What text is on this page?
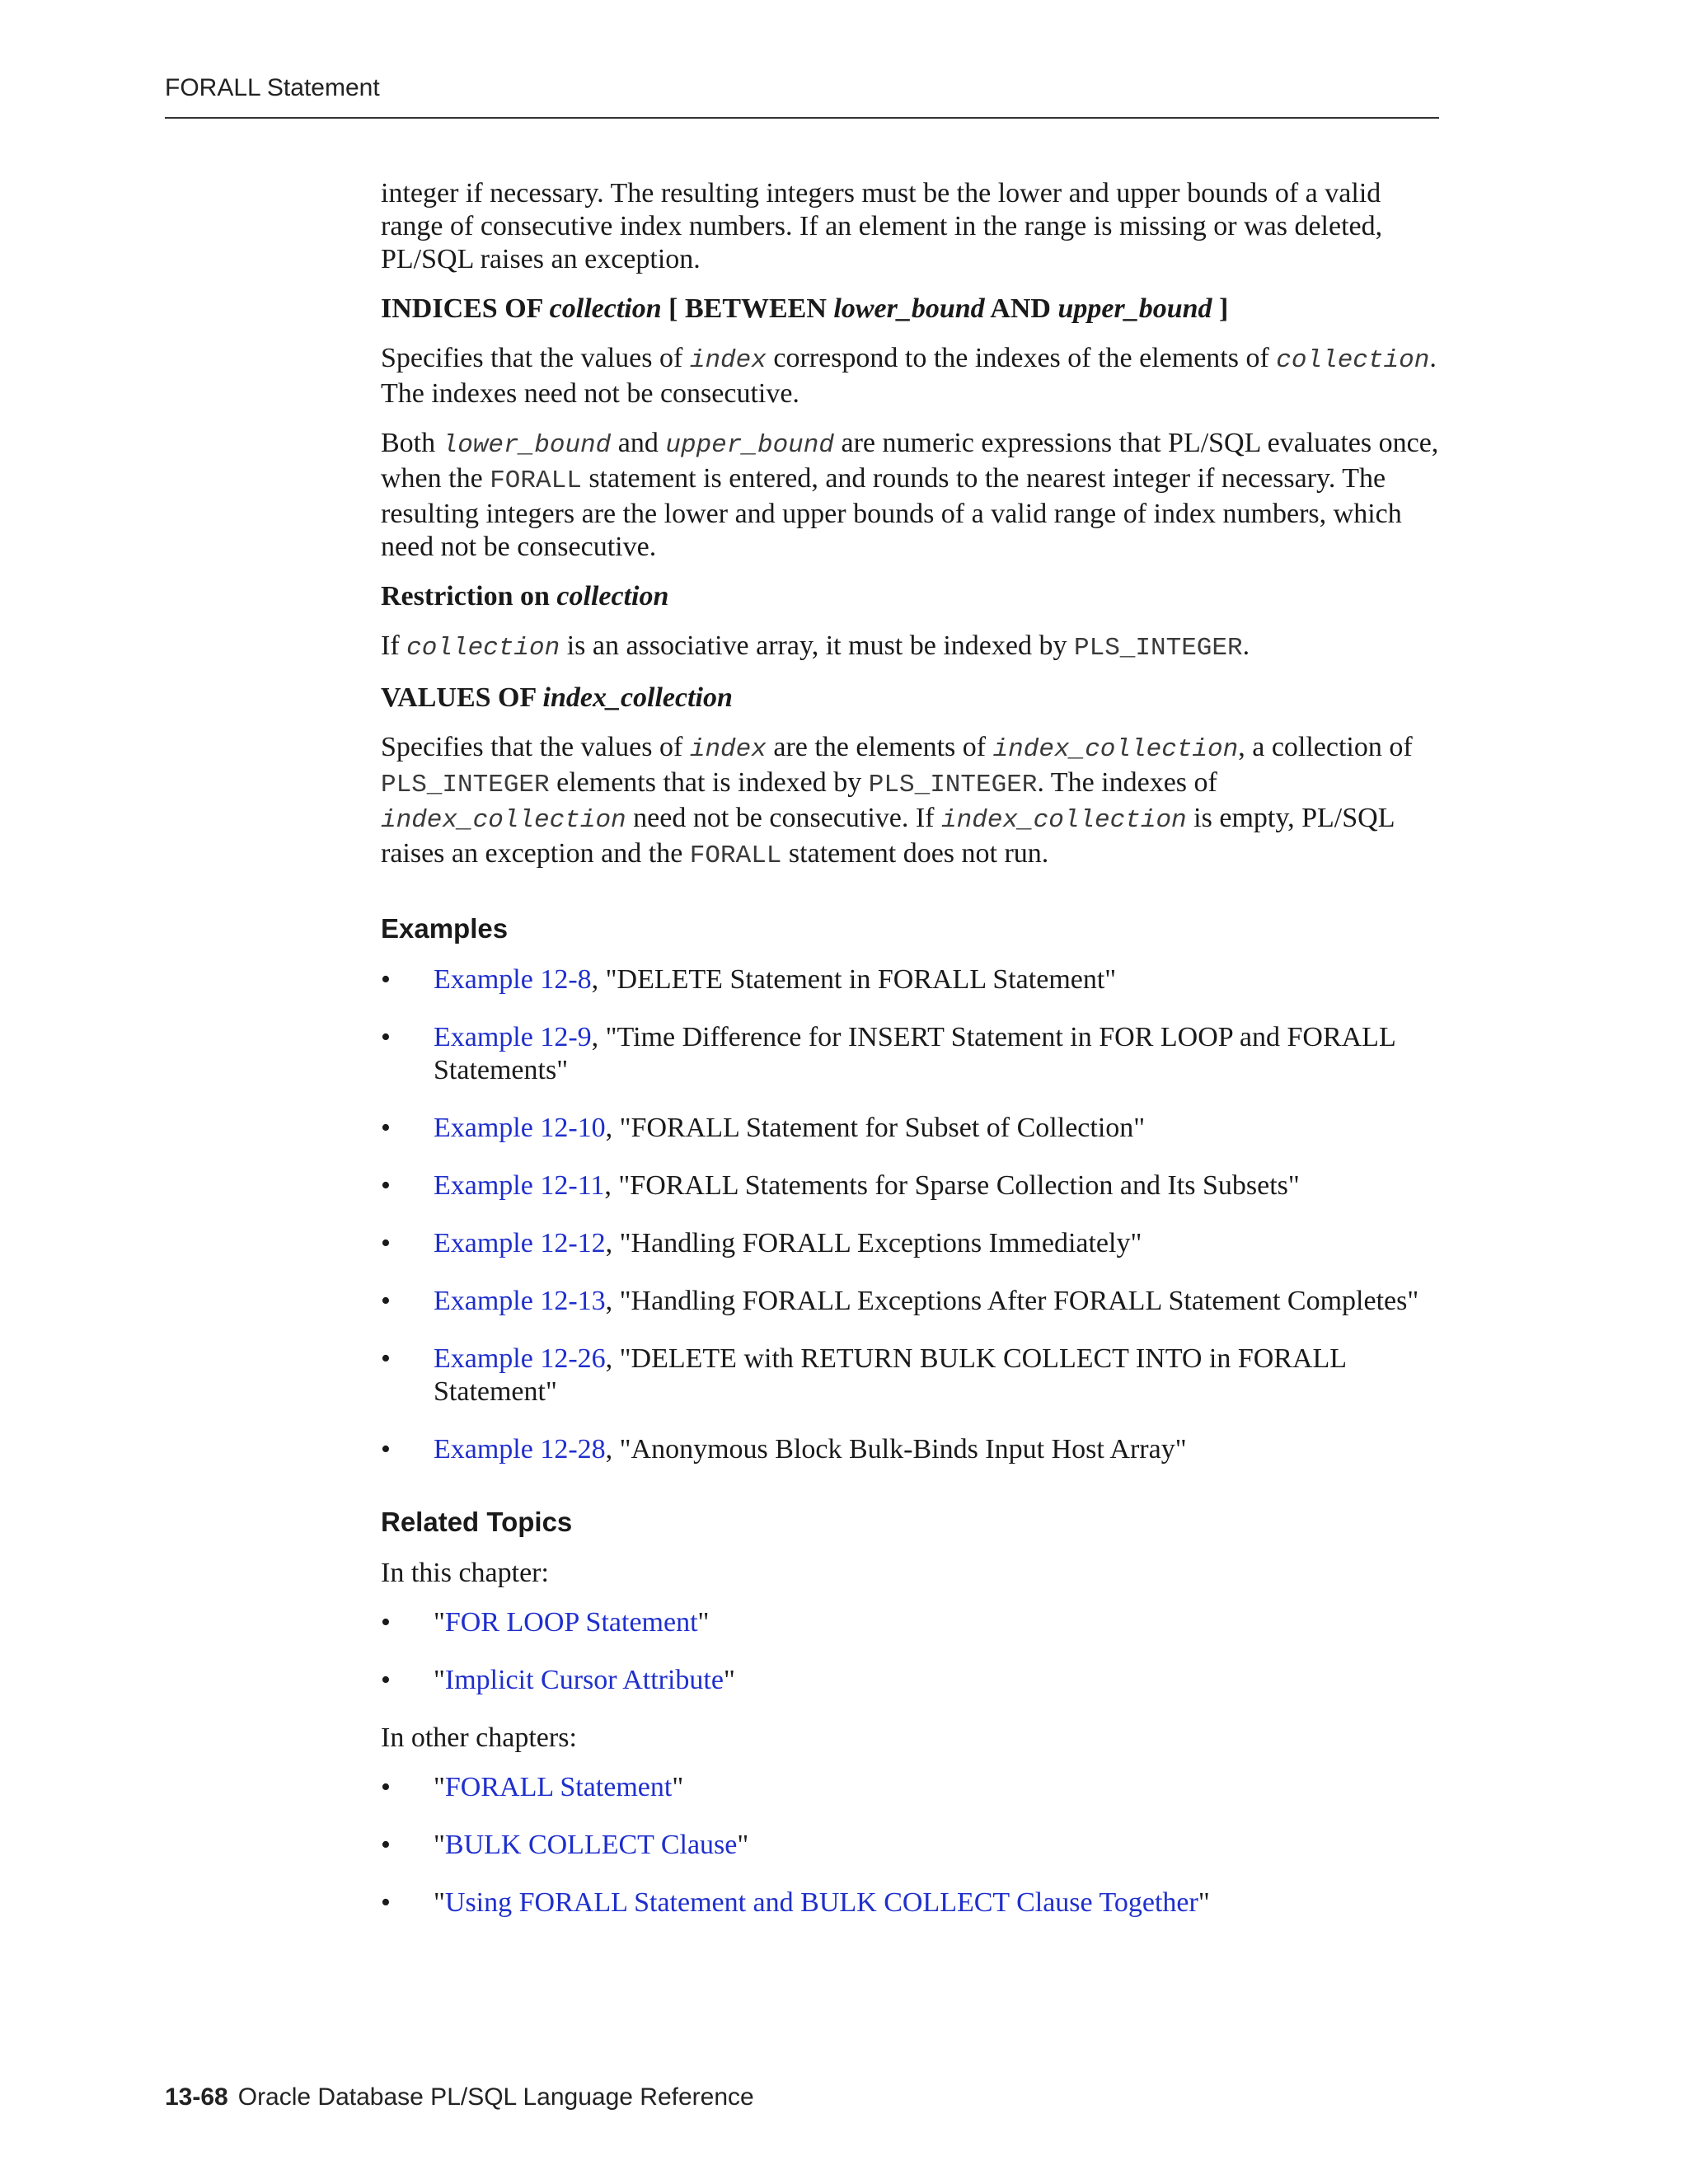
FORALL Statement

integer if necessary. The resulting integers must be the lower and upper bounds of a valid range of consecutive index numbers. If an element in the range is missing or was deleted, PL/SQL raises an exception.

INDICES OF collection [ BETWEEN lower_bound AND upper_bound ]

Specifies that the values of index correspond to the indexes of the elements of collection. The indexes need not be consecutive.

Both lower_bound and upper_bound are numeric expressions that PL/SQL evaluates once, when the FORALL statement is entered, and rounds to the nearest integer if necessary. The resulting integers are the lower and upper bounds of a valid range of index numbers, which need not be consecutive.

Restriction on collection

If collection is an associative array, it must be indexed by PLS_INTEGER.

VALUES OF index_collection

Specifies that the values of index are the elements of index_collection, a collection of PLS_INTEGER elements that is indexed by PLS_INTEGER. The indexes of index_collection need not be consecutive. If index_collection is empty, PL/SQL raises an exception and the FORALL statement does not run.

Examples
• Example 12-8, "DELETE Statement in FORALL Statement"
• Example 12-9, "Time Difference for INSERT Statement in FOR LOOP and FORALL Statements"
• Example 12-10, "FORALL Statement for Subset of Collection"
• Example 12-11, "FORALL Statements for Sparse Collection and Its Subsets"
• Example 12-12, "Handling FORALL Exceptions Immediately"
• Example 12-13, "Handling FORALL Exceptions After FORALL Statement Completes"
• Example 12-26, "DELETE with RETURN BULK COLLECT INTO in FORALL Statement"
• Example 12-28, "Anonymous Block Bulk-Binds Input Host Array"
Related Topics

In this chapter:

• "FOR LOOP Statement"
• "Implicit Cursor Attribute"

In other chapters:

• "FORALL Statement"
• "BULK COLLECT Clause"
• "Using FORALL Statement and BULK COLLECT Clause Together"
13-68 Oracle Database PL/SQL Language Reference
